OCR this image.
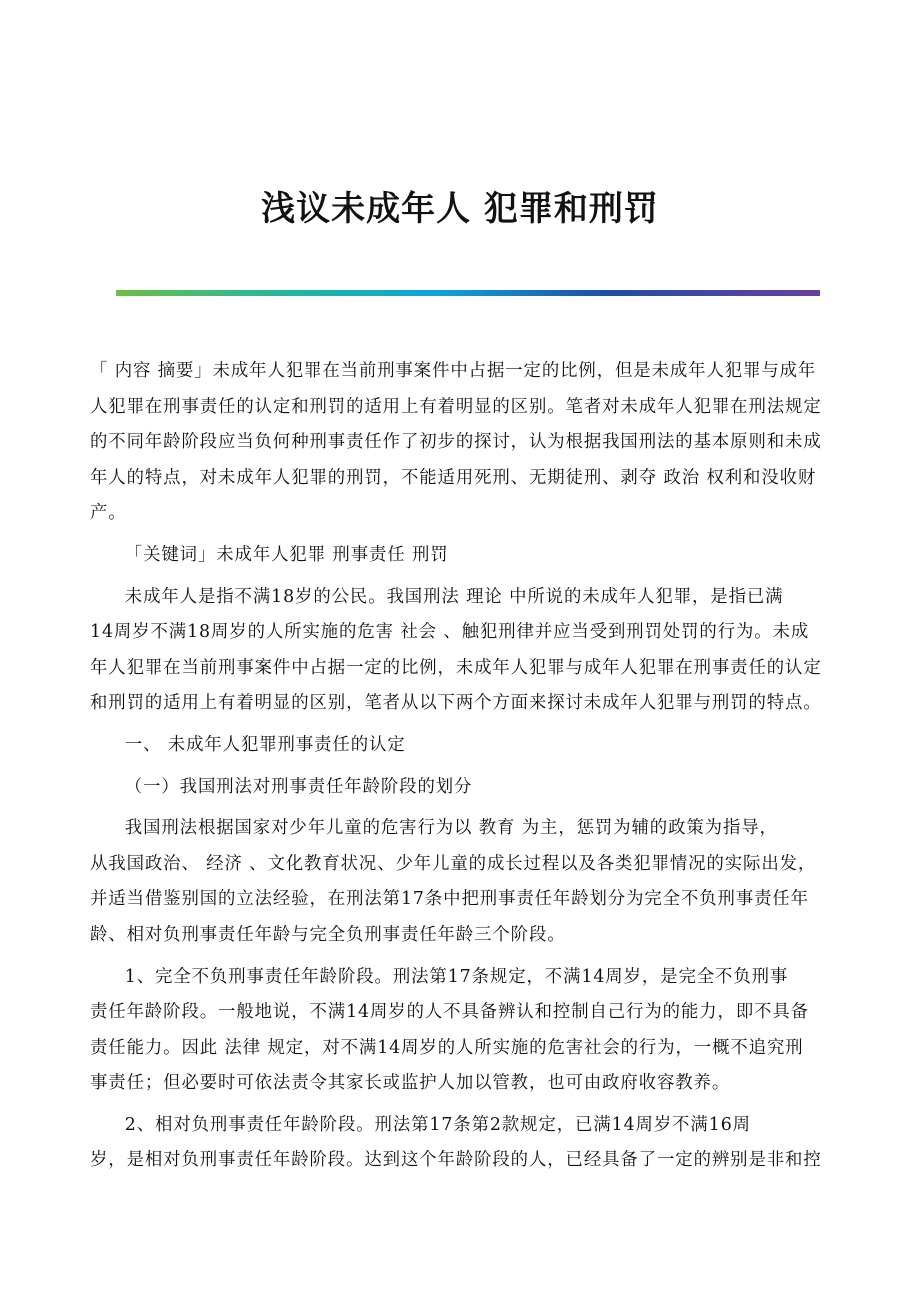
浅议未成年人 犯罪和刑罚

「 内容 摘要」未成年人犯罪在当前刑事案件中占据一定的比例，但是未成年人犯罪与成年
人犯罪在刑事责任的认定和刑罚的适用上有着明显的区别。笔者对未成年人犯罪在刑法规定
的不同年龄阶段应当负何种刑事责任作了初步的探讨，认为根据我国刑法的基本原则和未成
年人的特点，对未成年人犯罪的刑罚，不能适用死刑、无期徒刑、剥夺 政治 权利和没收财
产。

「关键词」未成年人犯罪 刑事责任 刑罚

未成年人是指不满18岁的公民。我国刑法 理论 中所说的未成年人犯罪，是指已满
14周岁不满18周岁的人所实施的危害 社会 、触犯刑律并应当受到刑罚处罚的行为。未成
年人犯罪在当前刑事案件中占据一定的比例，未成年人犯罪与成年人犯罪在刑事责任的认定
和刑罚的适用上有着明显的区别，笔者从以下两个方面来探讨未成年人犯罪与刑罚的特点。

一、 未成年人犯罪刑事责任的认定

（一）我国刑法对刑事责任年龄阶段的划分

我国刑法根据国家对少年儿童的危害行为以 教育 为主，惩罚为辅的政策为指导，
从我国政治、 经济 、文化教育状况、少年儿童的成长过程以及各类犯罪情况的实际出发，
并适当借鉴别国的立法经验，在刑法第17条中把刑事责任年龄划分为完全不负刑事责任年
龄、相对负刑事责任年龄与完全负刑事责任年龄三个阶段。

1、完全不负刑事责任年龄阶段。刑法第17条规定，不满14周岁，是完全不负刑事
责任年龄阶段。一般地说，不满14周岁的人不具备辨认和控制自己行为的能力，即不具备
责任能力。因此 法律 规定，对不满14周岁的人所实施的危害社会的行为，一概不追究刑
事责任；但必要时可依法责令其家长或监护人加以管教，也可由政府收容教养。

2、相对负刑事责任年龄阶段。刑法第17条第2款规定，已满14周岁不满16周
岁，是相对负刑事责任年龄阶段。达到这个年龄阶段的人，已经具备了一定的辨别是非和控
